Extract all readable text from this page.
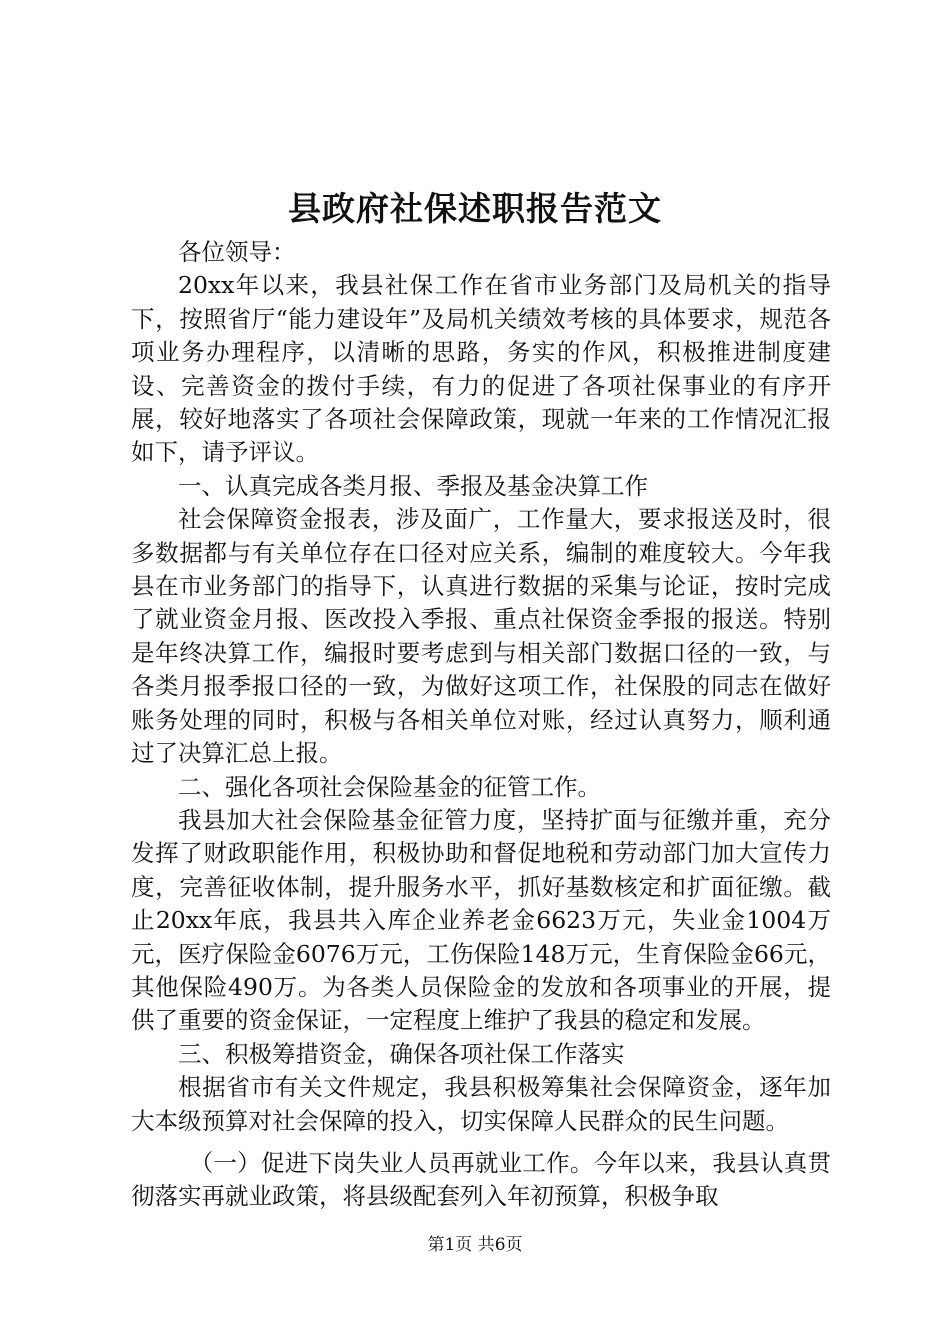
县政府社保述职报告范文

各位领导：

20xx年以来，我县社保工作在省市业务部门及局机关的指导下，按照省厅“能力建设年”及局机关绩效考核的具体要求，规范各项业务办理程序，以清晰的思路，务实的作风，积极推进制度建设、完善资金的拨付手续，有力的促进了各项社保事业的有序开展，较好地落实了各项社会保障政策，现就一年来的工作情况汇报如下，请予评议。

一、认真完成各类月报、季报及基金决算工作

社会保障资金报表，涉及面广，工作量大，要求报送及时，很多数据都与有关单位存在口径对应关系，编制的难度较大。今年我县在市业务部门的指导下，认真进行数据的采集与论证，按时完成了就业资金月报、医改投入季报、重点社保资金季报的报送。特别是年终决算工作，编报时要考虑到与相关部门数据口径的一致，与各类月报季报口径的一致，为做好这项工作，社保股的同志在做好账务处理的同时，积极与各相关单位对账，经过认真努力，顺利通过了决算汇总上报。

二、强化各项社会保险基金的征管工作。

我县加大社会保险基金征管力度，坚持扩面与征缴并重，充分发挥了财政职能作用，积极协助和督促地税和劳动部门加大宣传力度，完善征收体制，提升服务水平，抓好基数核定和扩面征缴。截止20xx年底，我县共入库企业养老金6623万元，失业金1004万元，医疗保险金6076万元，工伤保险148万元，生育保险金66元，其他保险490万。为各类人员保险金的发放和各项事业的开展，提供了重要的资金保证，一定程度上维护了我县的稳定和发展。

三、积极筹措资金，确保各项社保工作落实

根据省市有关文件规定，我县积极筹集社会保障资金，逐年加大本级预算对社会保障的投入，切实保障人民群众的民生问题。

（一）促进下岗失业人员再就业工作。今年以来，我县认真贯彻落实再就业政策，将县级配套列入年初预算，积极争取

第1页 共6页
